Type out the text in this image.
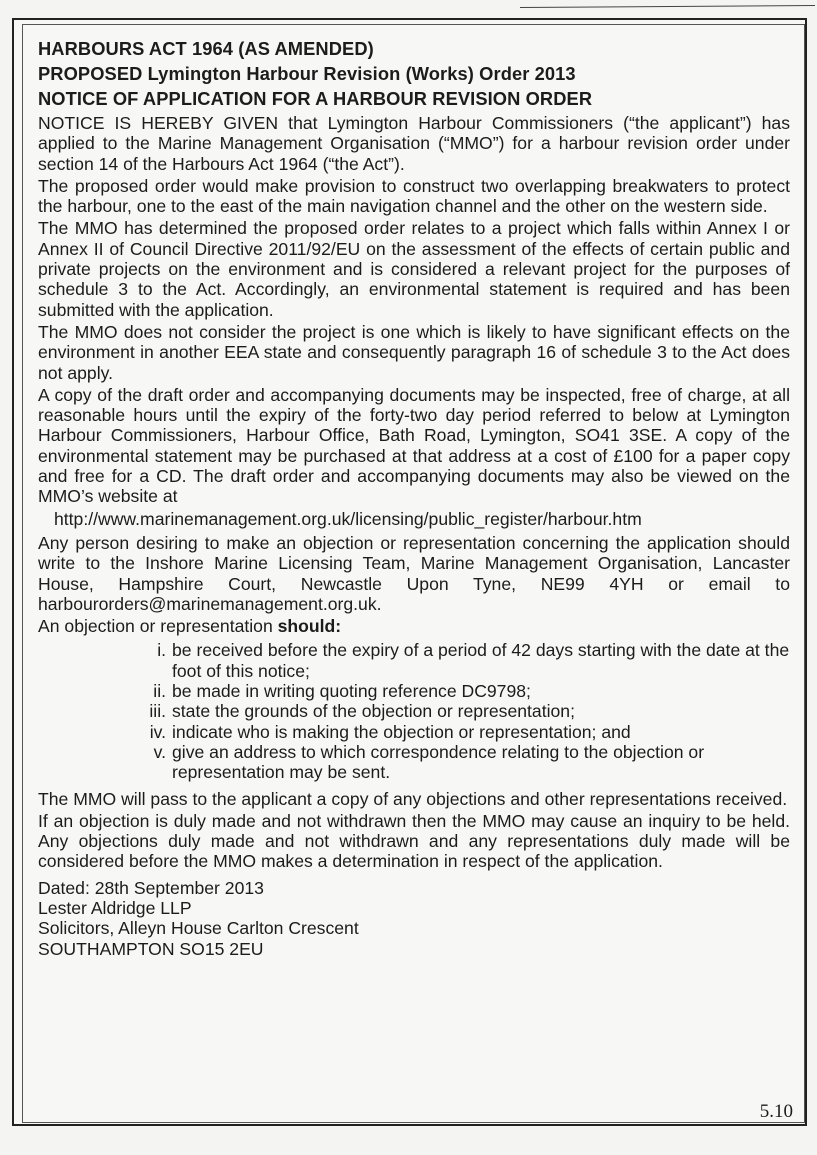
HARBOURS ACT 1964 (AS AMENDED)

PROPOSED Lymington Harbour Revision (Works) Order 2013

NOTICE OF APPLICATION FOR A HARBOUR REVISION ORDER

NOTICE IS HEREBY GIVEN that Lymington Harbour Commissioners (“the applicant”) has applied to the Marine Management Organisation (“MMO”) for a harbour revision order under section 14 of the Harbours Act 1964 (“the Act”).

The proposed order would make provision to construct two overlapping breakwaters to protect the harbour, one to the east of the main navigation channel and the other on the western side.

The MMO has determined the proposed order relates to a project which falls within Annex I or Annex II of Council Directive 2011/92/EU on the assessment of the effects of certain public and private projects on the environment and is considered a relevant project for the purposes of schedule 3 to the Act. Accordingly, an environmental statement is required and has been submitted with the application.

The MMO does not consider the project is one which is likely to have significant effects on the environment in another EEA state and consequently paragraph 16 of schedule 3 to the Act does not apply.

A copy of the draft order and accompanying documents may be inspected, free of charge, at all reasonable hours until the expiry of the forty-two day period referred to below at Lymington Harbour Commissioners, Harbour Office, Bath Road, Lymington, SO41 3SE. A copy of the environmental statement may be purchased at that address at a cost of £100 for a paper copy and free for a CD. The draft order and accompanying documents may also be viewed on the MMO’s website at

http://www.marinemanagement.org.uk/licensing/public_register/harbour.htm

Any person desiring to make an objection or representation concerning the application should write to the Inshore Marine Licensing Team, Marine Management Organisation, Lancaster House, Hampshire Court, Newcastle Upon Tyne, NE99 4YH or email to harbourorders@marinemanagement.org.uk.

An objection or representation should:

i. be received before the expiry of a period of 42 days starting with the date at the foot of this notice;
ii. be made in writing quoting reference DC9798;
iii. state the grounds of the objection or representation;
iv. indicate who is making the objection or representation; and
v. give an address to which correspondence relating to the objection or representation may be sent.

The MMO will pass to the applicant a copy of any objections and other representations received.

If an objection is duly made and not withdrawn then the MMO may cause an inquiry to be held. Any objections duly made and not withdrawn and any representations duly made will be considered before the MMO makes a determination in respect of the application.

Dated: 28th September 2013

Lester Aldridge LLP

Solicitors, Alleyn House Carlton Crescent

SOUTHAMPTON SO15 2EU

5.10
